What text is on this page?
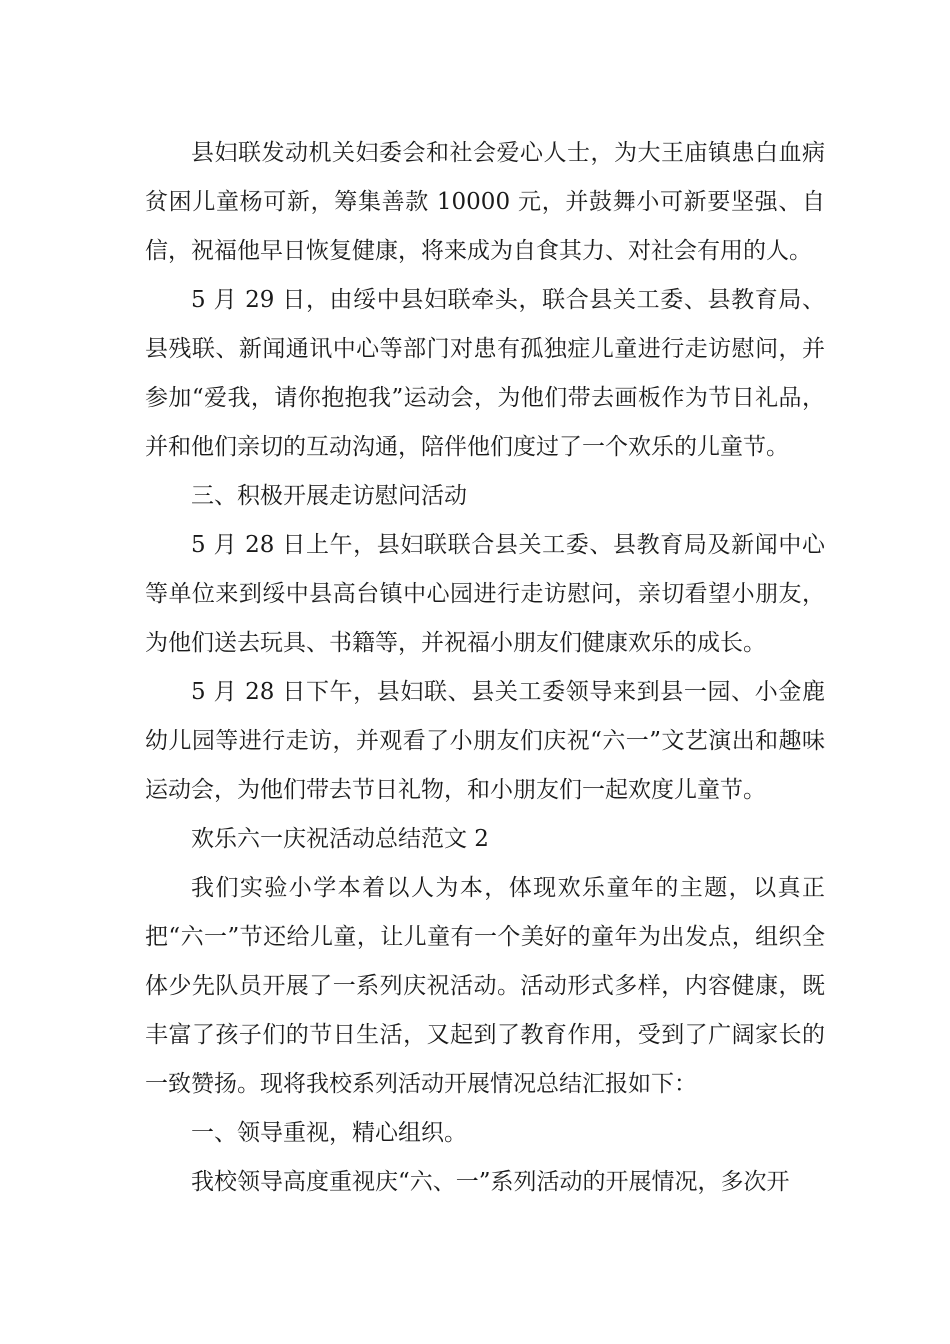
县妇联发动机关妇委会和社会爱心人士，为大王庙镇患白血病贫困儿童杨可新，筹集善款 10000 元，并鼓舞小可新要坚强、自信，祝福他早日恢复健康，将来成为自食其力、对社会有用的人。

5 月 29 日，由绥中县妇联牵头，联合县关工委、县教育局、县残联、新闻通讯中心等部门对患有孤独症儿童进行走访慰问，并参加“爱我，请你抱抱我”运动会，为他们带去画板作为节日礼品，并和他们亲切的互动沟通，陪伴他们度过了一个欢乐的儿童节。

三、积极开展走访慰问活动

5 月 28 日上午，县妇联联合县关工委、县教育局及新闻中心等单位来到绥中县高台镇中心园进行走访慰问，亲切看望小朋友，为他们送去玩具、书籍等，并祝福小朋友们健康欢乐的成长。

5 月 28 日下午，县妇联、县关工委领导来到县一园、小金鹿幼儿园等进行走访，并观看了小朋友们庆祝“六一”文艺演出和趣味运动会，为他们带去节日礼物，和小朋友们一起欢度儿童节。

欢乐六一庆祝活动总结范文 2

我们实验小学本着以人为本，体现欢乐童年的主题，以真正把“六一”节还给儿童，让儿童有一个美好的童年为出发点，组织全体少先队员开展了一系列庆祝活动。活动形式多样，内容健康，既丰富了孩子们的节日生活，又起到了教育作用，受到了广阔家长的一致赞扬。现将我校系列活动开展情况总结汇报如下：

一、领导重视，精心组织。

我校领导高度重视庆“六、一”系列活动的开展情况，多次开
